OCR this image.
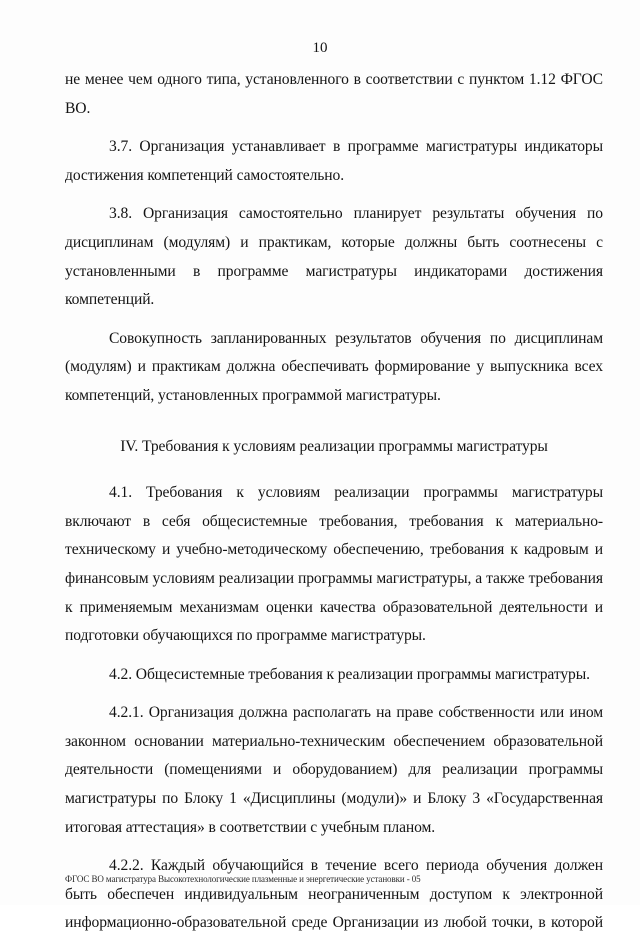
10

не менее чем одного типа, установленного в соответствии с пунктом 1.12 ФГОС ВО.

3.7. Организация устанавливает в программе магистратуры индикаторы достижения компетенций самостоятельно.

3.8. Организация самостоятельно планирует результаты обучения по дисциплинам (модулям) и практикам, которые должны быть соотнесены с установленными в программе магистратуры индикаторами достижения компетенций.

Совокупность запланированных результатов обучения по дисциплинам (модулям) и практикам должна обеспечивать формирование у выпускника всех компетенций, установленных программой магистратуры.

IV. Требования к условиям реализации программы магистратуры

4.1. Требования к условиям реализации программы магистратуры включают в себя общесистемные требования, требования к материально-техническому и учебно-методическому обеспечению, требования к кадровым и финансовым условиям реализации программы магистратуры, а также требования к применяемым механизмам оценки качества образовательной деятельности и подготовки обучающихся по программе магистратуры.

4.2. Общесистемные требования к реализации программы магистратуры.

4.2.1. Организация должна располагать на праве собственности или ином законном основании материально-техническим обеспечением образовательной деятельности (помещениями и оборудованием) для реализации программы магистратуры по Блоку 1 «Дисциплины (модули)» и Блоку 3 «Государственная итоговая аттестация» в соответствии с учебным планом.

4.2.2. Каждый обучающийся в течение всего периода обучения должен быть обеспечен индивидуальным неограниченным доступом к электронной информационно-образовательной среде Организации из любой точки, в которой

ФГОС ВО магистратура Высокотехнологические плазменные и энергетические установки - 05
